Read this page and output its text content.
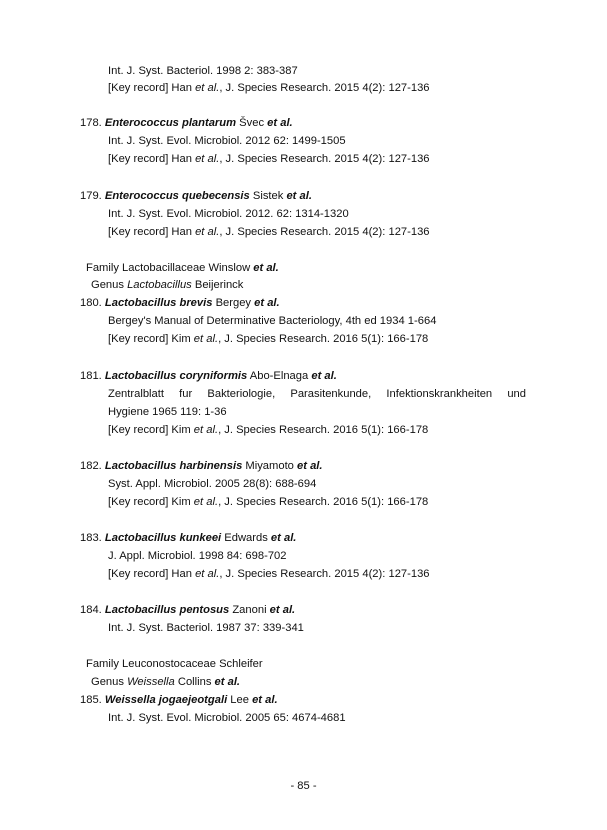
Int. J. Syst. Bacteriol. 1998 2: 383-387
[Key record] Han et al., J. Species Research. 2015 4(2): 127-136
178. Enterococcus plantarum Švec et al.
Int. J. Syst. Evol. Microbiol. 2012 62: 1499-1505
[Key record] Han et al., J. Species Research. 2015 4(2): 127-136
179. Enterococcus quebecensis Sistek et al.
Int. J. Syst. Evol. Microbiol. 2012. 62: 1314-1320
[Key record] Han et al., J. Species Research. 2015 4(2): 127-136
Family Lactobacillaceae Winslow et al.
Genus Lactobacillus Beijerinck
180. Lactobacillus brevis Bergey et al.
Bergey's Manual of Determinative Bacteriology, 4th ed 1934 1-664
[Key record] Kim et al., J. Species Research. 2016 5(1): 166-178
181. Lactobacillus coryniformis Abo-Elnaga et al.
Zentralblatt fur Bakteriologie, Parasitenkunde, Infektionskrankheiten und
Hygiene 1965 119: 1-36
[Key record] Kim et al., J. Species Research. 2016 5(1): 166-178
182. Lactobacillus harbinensis Miyamoto et al.
Syst. Appl. Microbiol. 2005 28(8): 688-694
[Key record] Kim et al., J. Species Research. 2016 5(1): 166-178
183. Lactobacillus kunkeei Edwards et al.
J. Appl. Microbiol. 1998 84: 698-702
[Key record] Han et al., J. Species Research. 2015 4(2): 127-136
184. Lactobacillus pentosus Zanoni et al.
Int. J. Syst. Bacteriol. 1987 37: 339-341
Family Leuconostocaceae Schleifer
Genus Weissella Collins et al.
185. Weissella jogaejeotgali Lee et al.
Int. J. Syst. Evol. Microbiol. 2005 65: 4674-4681
- 85 -
